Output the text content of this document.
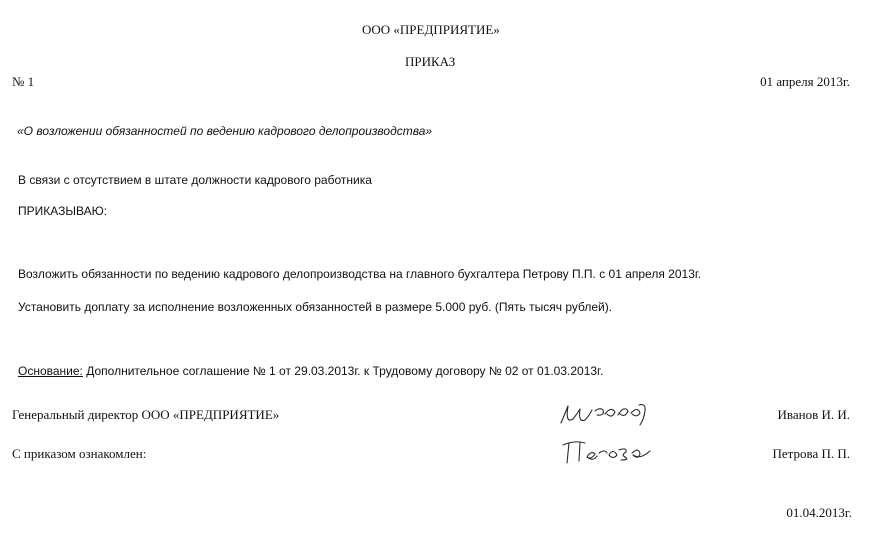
ООО «ПРЕДПРИЯТИЕ»
ПРИКАЗ
№ 1	01 апреля 2013г.
«О возложении обязанностей по ведению кадрового делопроизводства»
В связи с отсутствием в штате должности кадрового работника
ПРИКАЗЫВАЮ:
Возложить обязанности по ведению кадрового делопроизводства на главного бухгалтера Петрову П.П. с 01 апреля 2013г.
Установить доплату за исполнение возложенных обязанностей в размере 5.000 руб. (Пять тысяч рублей).
Основание: Дополнительное соглашение № 1 от 29.03.2013г. к Трудовому договору № 02 от 01.03.2013г.
Генеральный директор ООО «ПРЕДПРИЯТИЕ»	Иванов И. И.
С приказом ознакомлен:	Петрова П. П.
01.04.2013г.
